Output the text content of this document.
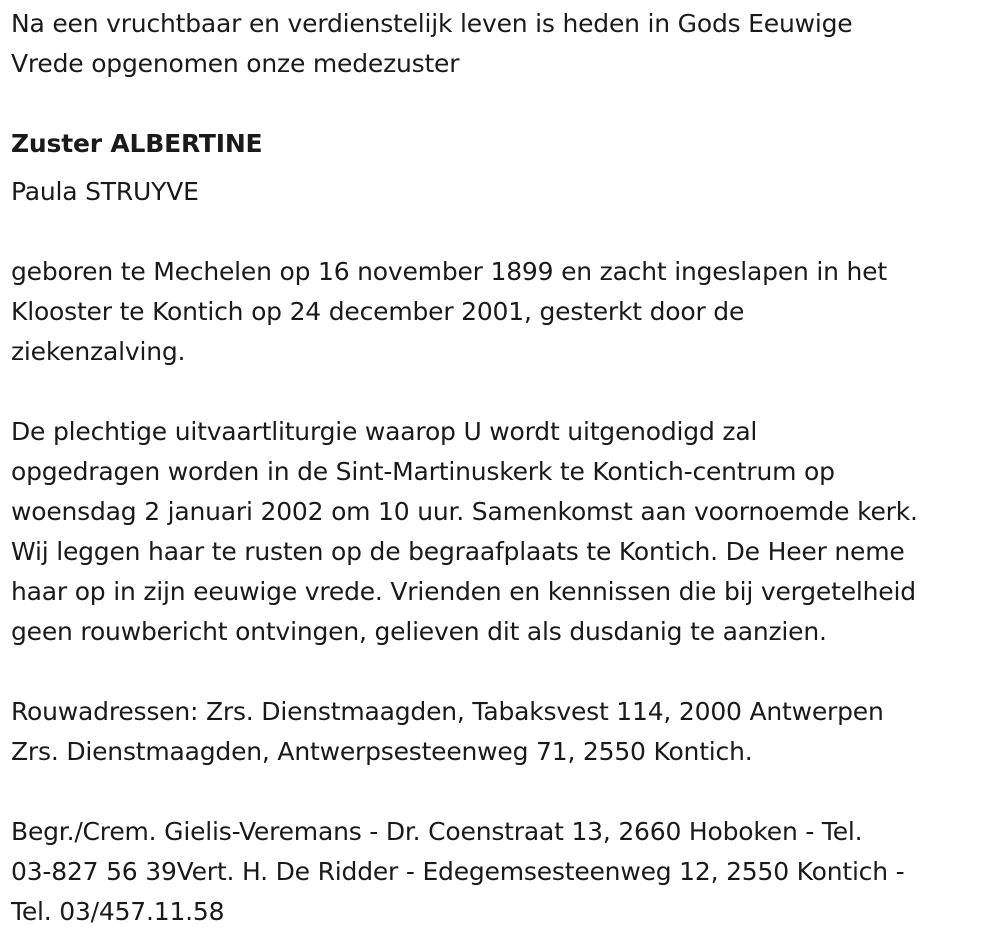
Na een vruchtbaar en verdienstelijk leven is heden in Gods Eeuwige
Vrede opgenomen onze medezuster

Zuster ALBERTINE

Paula STRUYVE

geboren te Mechelen op 16 november 1899 en zacht ingeslapen in het
Klooster te Kontich op 24 december 2001, gesterkt door de
ziekenzalving.

De plechtige uitvaartliturgie waarop U wordt uitgenodigd zal
opgedragen worden in de Sint-Martinuskerk te Kontich-centrum op
woensdag 2 januari 2002 om 10 uur. Samenkomst aan voornoemde kerk.
Wij leggen haar te rusten op de begraafplaats te Kontich. De Heer neme
haar op in zijn eeuwige vrede. Vrienden en kennissen die bij vergetelheid
geen rouwbericht ontvingen, gelieven dit als dusdanig te aanzien.

Rouwadressen: Zrs. Dienstmaagden, Tabaksvest 114, 2000 Antwerpen
Zrs. Dienstmaagden, Antwerpsesteenweg 71, 2550 Kontich.

Begr./Crem. Gielis-Veremans - Dr. Coenstraat 13, 2660 Hoboken - Tel.
03-827 56 39Vert. H. De Ridder - Edegemsesteenweg 12, 2550 Kontich -
Tel. 03/457.11.58
